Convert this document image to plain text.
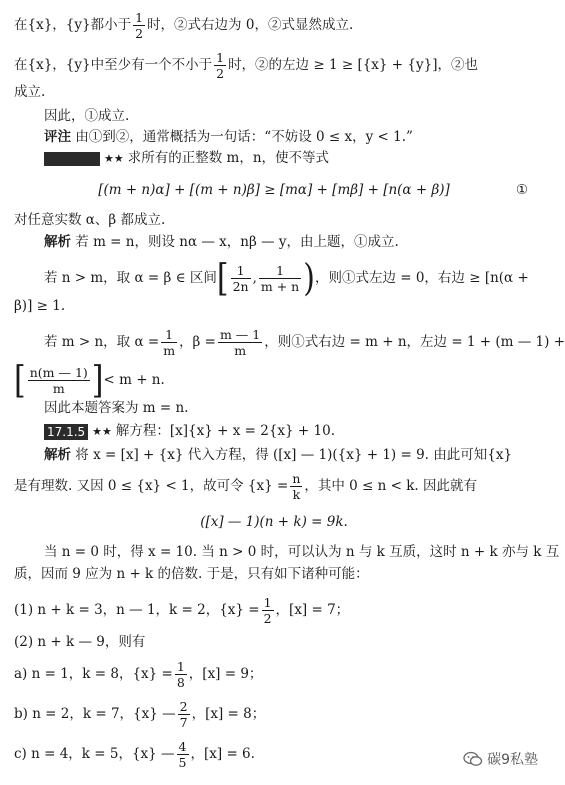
在{x}，{y}都小于 $\frac{1}{2}$ 时，②式右边为 0，②式显然成立.
在{x}，{y}中至少有一个不小于 $\frac{1}{2}$ 时，②的左边 ≥ 1 ≥ [{x} + {y}]，②也
成立.
因此，①成立.
评注 由①到②，通常概括为一句话：“不妨设 0 ≤ x，y < 1.”
★★ 求所有的正整数 m，n，使不等式
[(m + n)α] + [(m + n)β] ≥ [mα] + [mβ] + [n(α + β)]	①
对任意实数 α、β 都成立.
解析 若 m = n，则设 nα — x，nβ — y，由上题，①成立.
若 n > m，取 α = β ∈ 区间[ $\frac{1}{2n}$ , $\frac{1}{m + n}$ )，则①式左边 = 0，右边 ≥ [n(α +
β)] ≥ 1.
若 m > n，取 $\alpha = \frac{1}{m}$ ，$\beta = \frac{m — 1}{m}$ ，则①式右边 = m + n，左边 = 1 + (m — 1) +
[ $\frac{n(m — 1)}{m}$ ]< m + n.
因此本题答案为 m = n.
17.1.5 ★★ 解方程：[x]{x} + x = 2{x} + 10.
解析 将 x = [x] + {x} 代入方程，得 ([x] — 1)({x} + 1) = 9. 由此可知{x}
是有理数. 又因 0 ≤ {x} < 1，故可令 $\{x\} = \frac{n}{k}$ ，其中 0 ≤ n < k. 因此就有
([x] — 1)(n + k) = 9k.
当 n = 0 时，得 x = 10. 当 n > 0 时，可以认为 n 与 k 互质，这时 n + k 亦与 k 互
质，因而 9 应为 n + k 的倍数. 于是，只有如下诸种可能：
(1) n + k = 3，n — 1，k = 2，$\{x\} = \frac{1}{2}$ ，[x] = 7；
(2) n + k — 9，则有
a) n = 1，k = 8，$\{x\} = \frac{1}{8}$ ，[x] = 9；
b) n = 2，k = 7，{x} — $\frac{2}{7}$ ，[x] = 8；
c) n = 4，k = 5，{x} — $\frac{4}{5}$ ，[x] = 6.	碳9私塾
